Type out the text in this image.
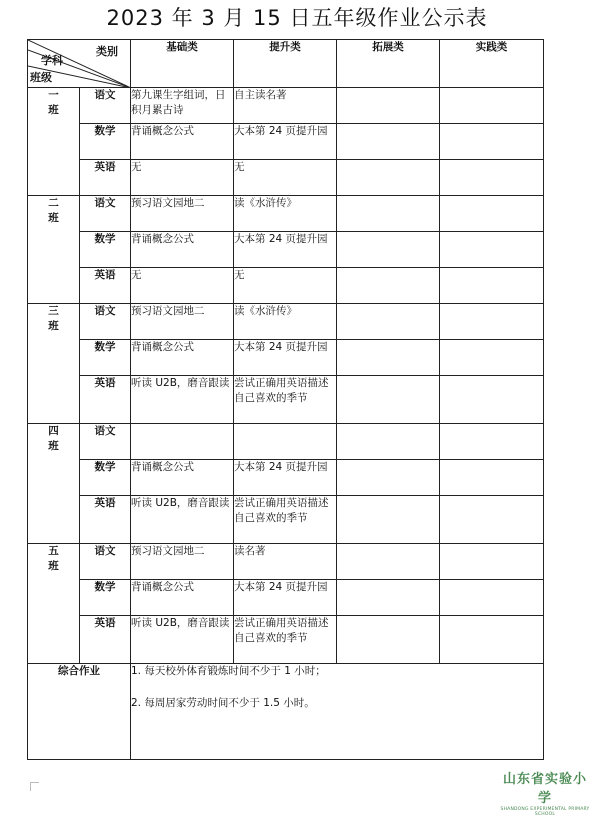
2023 年 3 月 15 日五年级作业公示表
类别
学科
班级		基础类	提升类	拓展类	实践类
一
班	语文	第九课生字组词，日积月累古诗	自主读名著		
	数学	背诵概念公式	大本第 24 页提升园		
	英语	无	无		
二
班	语文	预习语文园地二	读《水浒传》		
	数学	背诵概念公式	大本第 24 页提升园		
	英语	无	无		
三
班	语文	预习语文园地二	读《水浒传》		
	数学	背诵概念公式	大本第 24 页提升园		
	英语	听读 U2B，磨音跟读	尝试正确用英语描述自己喜欢的季节		
四
班	语文				
	数学	背诵概念公式	大本第 24 页提升园		
	英语	听读 U2B，磨音跟读	尝试正确用英语描述自己喜欢的季节		
五
班	语文	预习语文园地二	读名著		
	数学	背诵概念公式	大本第 24 页提升园		
	英语	听读 U2B，磨音跟读	尝试正确用英语描述自己喜欢的季节		
综合作业		1. 每天校外体育锻炼时间不少于 1 小时；

2. 每周居家劳动时间不少于 1.5 小时。			

山东省实验小学
SHANDONG EXPERIMENTAL PRIMARY SCHOOL
